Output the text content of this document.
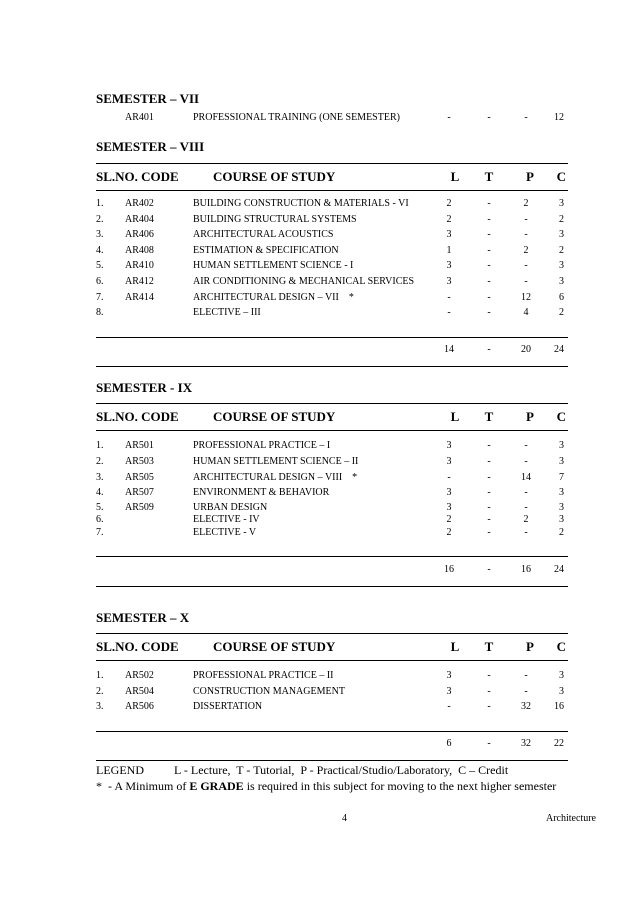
SEMESTER – VII
AR401	PROFESSIONAL TRAINING (ONE SEMESTER)	-	-	-	12
SEMESTER – VIII
SL.NO. CODE	COURSE OF STUDY	L T	P	C
1. AR402	BUILDING CONSTRUCTION & MATERIALS - VI	2	-	2	3
2. AR404	BUILDING STRUCTURAL SYSTEMS	2	-	-	2
3. AR406	ARCHITECTURAL ACOUSTICS	3	-	-	3
4. AR408	ESTIMATION & SPECIFICATION	1	-	2	2
5. AR410	HUMAN SETTLEMENT SCIENCE - I	3	-	-	3
6. AR412	AIR CONDITIONING & MECHANICAL SERVICES	3	-	-	3
7. AR414	ARCHITECTURAL DESIGN – VII    *	-	-	12	6
8.	ELECTIVE – III	-	-	4	2
14	-	20	24
SEMESTER - IX
SL.NO. CODE	COURSE OF STUDY	L T	P	C
1. AR501	PROFESSIONAL PRACTICE – I	3	-	-	3
2. AR503	HUMAN SETTLEMENT SCIENCE – II	3	-	-	3
3. AR505	ARCHITECTURAL DESIGN – VIII    *	-	-	14	7
4. AR507	ENVIRONMENT & BEHAVIOR	3	-	-	3
5. AR509	URBAN DESIGN	3	-	-	3
6.	ELECTIVE - IV	2	-	2	3
7.	ELECTIVE - V	2	-	-	2
16	-	16	24
SEMESTER – X
SL.NO. CODE	COURSE OF STUDY	L T	P	C
1. AR502	PROFESSIONAL PRACTICE – II	3	-	-	3
2. AR504	CONSTRUCTION MANAGEMENT	3	-	-	3
3. AR506	DISSERTATION	-	-	32	16
6	-	32	22
LEGEND	L - Lecture,  T - Tutorial,  P - Practical/Studio/Laboratory,  C – Credit
*  - A Minimum of E GRADE is required in this subject for moving to the next higher semester
4	Architecture
